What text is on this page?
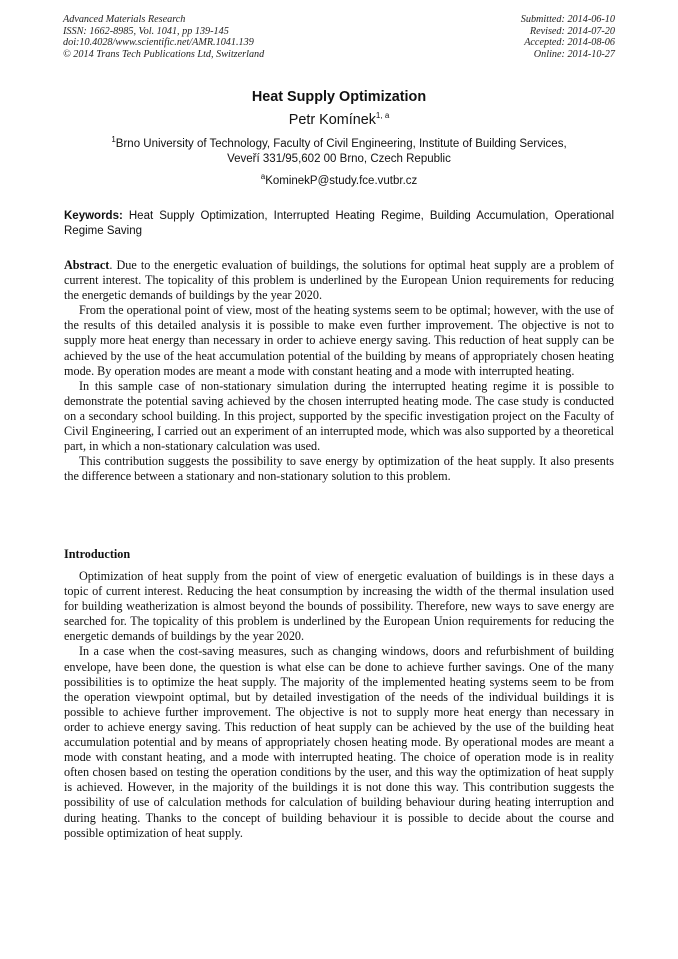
Advanced Materials Research
ISSN: 1662-8985, Vol. 1041, pp 139-145
doi:10.4028/www.scientific.net/AMR.1041.139
© 2014 Trans Tech Publications Ltd, Switzerland
Submitted: 2014-06-10
Revised: 2014-07-20
Accepted: 2014-08-06
Online: 2014-10-27
Heat Supply Optimization
Petr Komínek$^{1, a}$
$^1$Brno University of Technology, Faculty of Civil Engineering, Institute of Building Services,
Veveří 331/95,602 00 Brno, Czech Republic
$^a$KominekP@study.fce.vutbr.cz
Keywords: Heat Supply Optimization, Interrupted Heating Regime, Building Accumulation, Operational Regime Saving

Abstract. Due to the energetic evaluation of buildings, the solutions for optimal heat supply are a problem of current interest. The topicality of this problem is underlined by the European Union requirements for reducing the energetic demands of buildings by the year 2020.

From the operational point of view, most of the heating systems seem to be optimal; however, with the use of the results of this detailed analysis it is possible to make even further improvement. The objective is not to supply more heat energy than necessary in order to achieve energy saving. This reduction of heat supply can be achieved by the use of the heat accumulation potential of the building by means of appropriately chosen heating mode. By operation modes are meant a mode with constant heating and a mode with interrupted heating.

In this sample case of non-stationary simulation during the interrupted heating regime it is possible to demonstrate the potential saving achieved by the chosen interrupted heating mode. The case study is conducted on a secondary school building. In this project, supported by the specific investigation project on the Faculty of Civil Engineering, I carried out an experiment of an interrupted mode, which was also supported by a theoretical part, in which a non-stationary calculation was used.

This contribution suggests the possibility to save energy by optimization of the heat supply. It also presents the difference between a stationary and non-stationary solution to this problem.

Introduction

Optimization of heat supply from the point of view of energetic evaluation of buildings is in these days a topic of current interest. Reducing the heat consumption by increasing the width of the thermal insulation used for building weatherization is almost beyond the bounds of possibility. Therefore, new ways to save energy are searched for. The topicality of this problem is underlined by the European Union requirements for reducing the energetic demands of buildings by the year 2020.

In a case when the cost-saving measures, such as changing windows, doors and refurbishment of building envelope, have been done, the question is what else can be done to achieve further savings. One of the many possibilities is to optimize the heat supply. The majority of the implemented heating systems seem to be from the operation viewpoint optimal, but by detailed investigation of the needs of the individual buildings it is possible to achieve further improvement. The objective is not to supply more heat energy than necessary in order to achieve energy saving. This reduction of heat supply can be achieved by the use of the building heat accumulation potential and by means of appropriately chosen heating mode. By operational modes are meant a mode with constant heating, and a mode with interrupted heating. The choice of operation mode is in reality often chosen based on testing the operation conditions by the user, and this way the optimization of heat supply is achieved. However, in the majority of the buildings it is not done this way. This contribution suggests the possibility of use of calculation methods for calculation of building behaviour during heating interruption and during heating. Thanks to the concept of building behaviour it is possible to decide about the course and possible optimization of heat supply.
